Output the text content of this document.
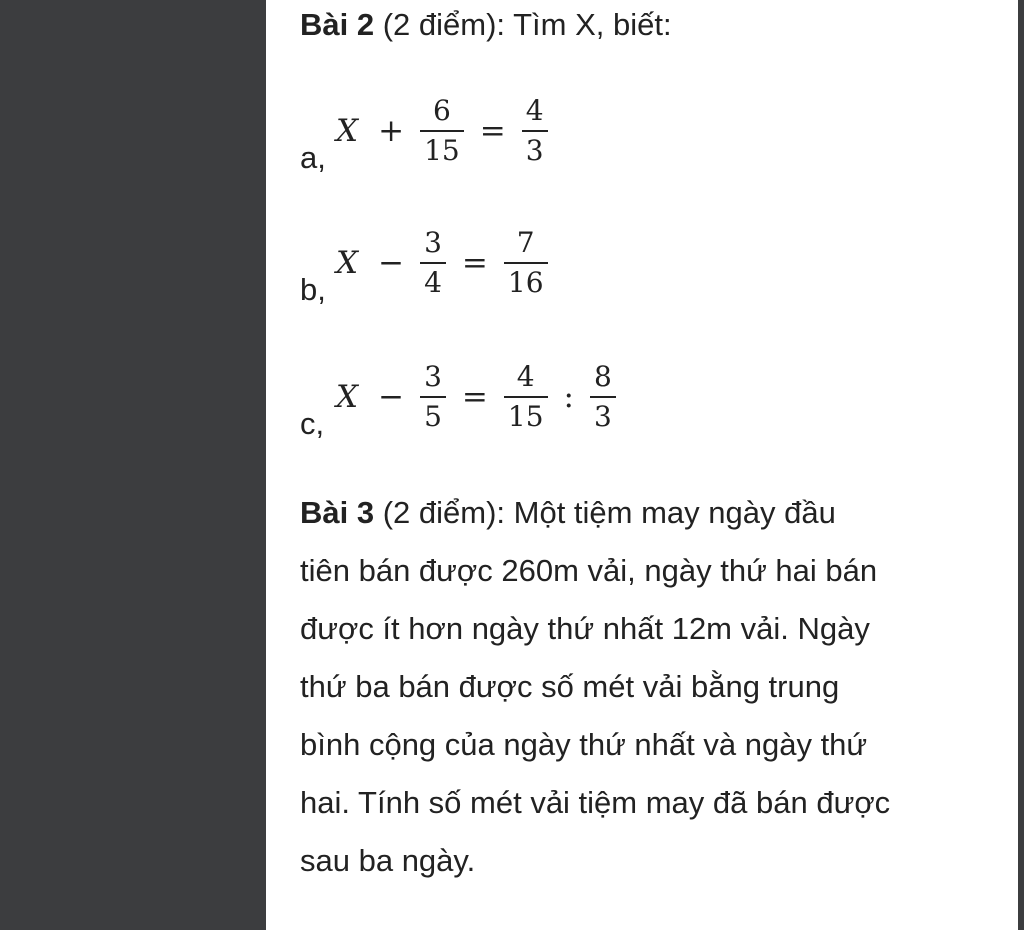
Bài 2 (2 điểm): Tìm X, biết:
a,
$X + \frac{6}{15} = \frac{4}{3}$
b,
$X - \frac{3}{4} = \frac{7}{16}$
c,
$X - \frac{3}{5} = \frac{4}{15}$ : $\frac{8}{3}$
Bài 3 (2 điểm): Một tiệm may ngày đầu
tiên bán được 260m vải, ngày thứ hai bán
được ít hơn ngày thứ nhất 12m vải. Ngày
thứ ba bán được số mét vải bằng trung
bình cộng của ngày thứ nhất và ngày thứ
hai. Tính số mét vải tiệm may đã bán được
sau ba ngày.
